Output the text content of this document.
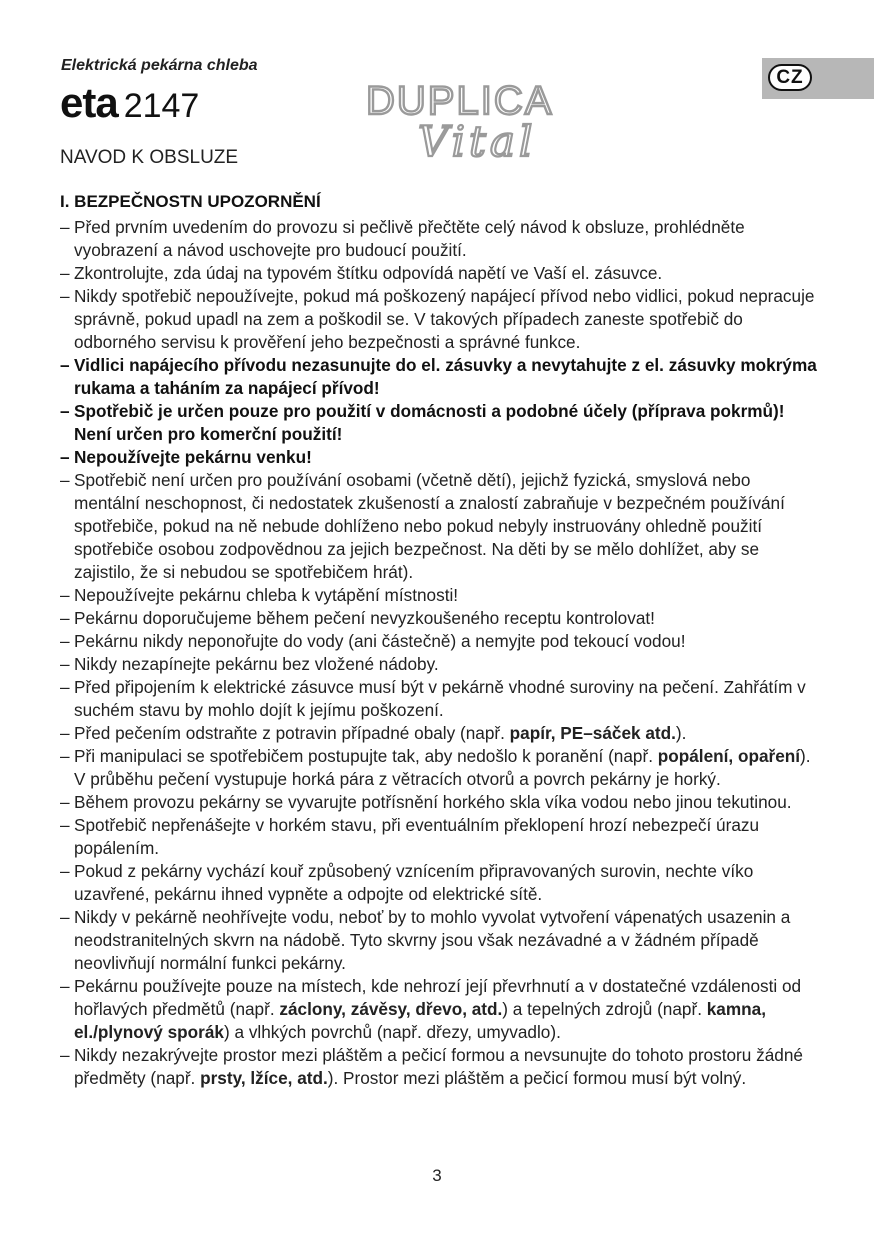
Elektrická pekárna chleba
eta 2147	DUPLICA
Vital
CZ
NAVOD K OBSLUZE
I. BEZPEČNOSTN UPOZORNĚNÍ
– Před prvním uvedením do provozu si pečlivě přečtěte celý návod k obsluze, prohlédněte vyobrazení a návod uschovejte pro budoucí použití.
– Zkontrolujte, zda údaj na typovém štítku odpovídá napětí ve Vaší el. zásuvce.
– Nikdy spotřebič nepoužívejte, pokud má poškozený napájecí přívod nebo vidlici, pokud nepracuje správně, pokud upadl na zem a poškodil se. V takových případech zaneste spotřebič do odborného servisu k prověření jeho bezpečnosti a správné funkce.
– Vidlici napájecího přívodu nezasunujte do el. zásuvky a nevytahujte z el. zásuvky mokrýma rukama a taháním za napájecí přívod!
– Spotřebič je určen pouze pro použití v domácnosti a podobné účely (příprava pokrmů)! Není určen pro komerční použití!
– Nepoužívejte pekárnu venku!
– Spotřebič není určen pro používání osobami (včetně dětí), jejichž fyzická, smyslová nebo mentální neschopnost, či nedostatek zkušeností a znalostí zabraňuje v bezpečném používání spotřebiče, pokud na ně nebude dohlíženo nebo pokud nebyly instruovány ohledně použití spotřebiče osobou zodpovědnou za jejich bezpečnost. Na děti by se mělo dohlížet, aby se zajistilo, že si nebudou se spotřebičem hrát).
– Nepoužívejte pekárnu chleba k vytápění místnosti!
– Pekárnu doporučujeme během pečení nevyzkoušeného receptu kontrolovat!
– Pekárnu nikdy neponořujte do vody (ani částečně) a nemyjte pod tekoucí vodou!
– Nikdy nezapínejte pekárnu bez vložené nádoby.
– Před připojením k elektrické zásuvce musí být v pekárně vhodné suroviny na pečení. Zahřátím v suchém stavu by mohlo dojít k jejímu poškození.
– Před pečením odstraňte z potravin případné obaly (např. papír, PE–sáček atd.).
– Při manipulaci se spotřebičem postupujte tak, aby nedošlo k poranění (např. popálení, opaření). V průběhu pečení vystupuje horká pára z větracích otvorů a povrch pekárny je horký.
– Během provozu pekárny se vyvarujte potřísnění horkého skla víka vodou nebo jinou tekutinou.
– Spotřebič nepřenášejte v horkém stavu, při eventuálním překlopení hrozí nebezpečí úrazu popálením.
– Pokud z pekárny vychází kouř způsobený vznícením připravovaných surovin, nechte víko uzavřené, pekárnu ihned vypněte a odpojte od elektrické sítě.
– Nikdy v pekárně neohřívejte vodu, neboť by to mohlo vyvolat vytvoření vápenatých usazenin a neodstranitelných skvrn na nádobě. Tyto skvrny jsou však nezávadné a v žádném případě neovlivňují normální funkci pekárny.
– Pekárnu používejte pouze na místech, kde nehrozí její převrhnutí a v dostatečné vzdálenosti od hořlavých předmětů (např. záclony, závěsy, dřevo, atd.) a tepelných zdrojů (např. kamna, el./plynový sporák) a vlhkých povrchů (např. dřezy, umyvadlo).
– Nikdy nezakrývejte prostor mezi pláštěm a pečicí formou a nevsunujte do tohoto prostoru žádné předměty (např. prsty, lžíce, atd.). Prostor mezi pláštěm a pečicí formou musí být volný.
3
